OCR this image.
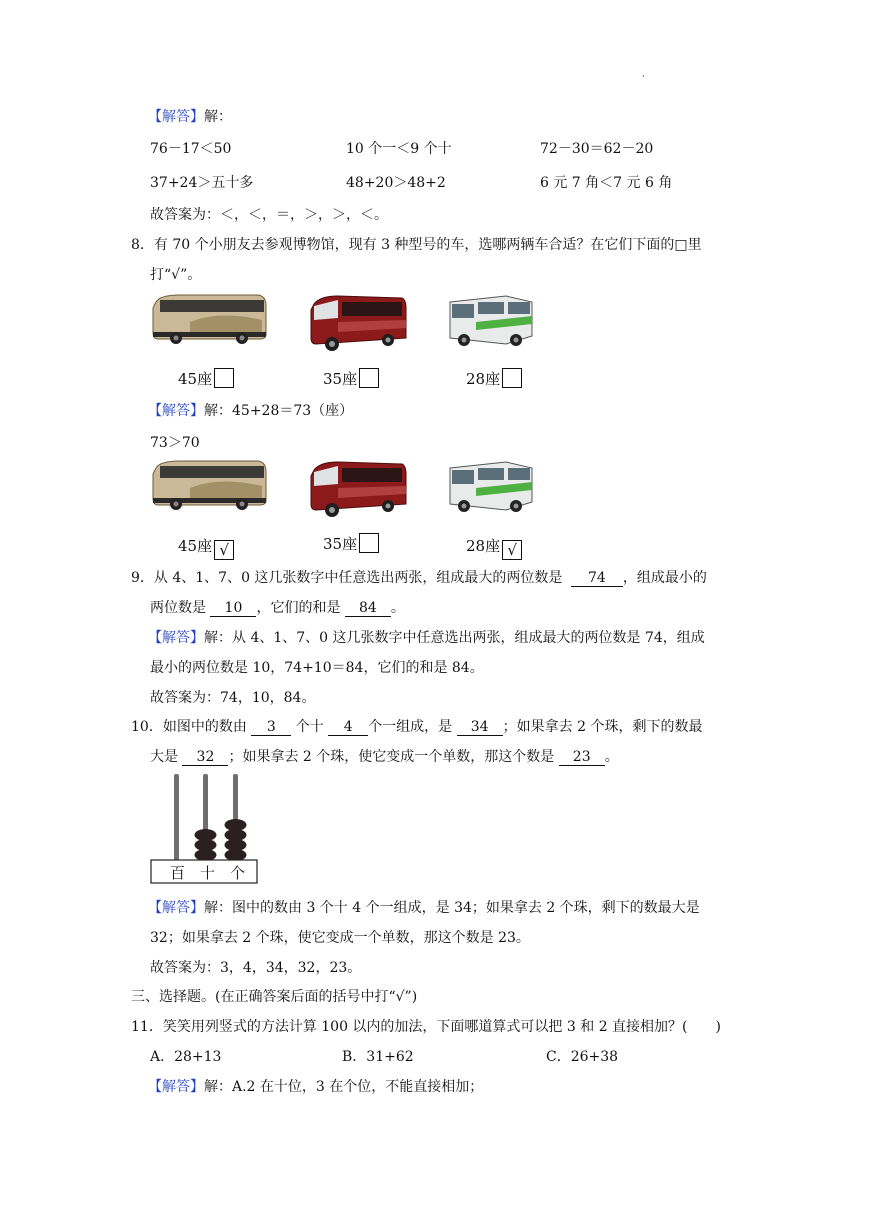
·
【解答】解：
76－17＜50	10 个一＜9 个十	72－30＝62－20
37+24＞五十多	48+20＞48+2	6 元 7 角＜7 元 6 角
故答案为：＜，＜，＝，＞，＞，＜。
8．有 70 个小朋友去参观博物馆，现有 3 种型号的车，选哪两辆车合适？在它们下面的□里
打“√”。
45座	35座	28座
【解答】解：45+28＝73（座）
73＞70
45座 √	35座	28座 √
9．从 4、1、7、0 这几张数字中任意选出两张，组成最大的两位数是 74 ，组成最小的
两位数是 10 ，它们的和是 84 。
【解答】解：从 4、1、7、0 这几张数字中任意选出两张，组成最大的两位数是 74，组成
最小的两位数是 10，74+10＝84，它们的和是 84。
故答案为：74，10，84。
10．如图中的数由 3 个十 4 个一组成，是 34 ；如果拿去 2 个珠，剩下的数最
大是 32 ；如果拿去 2 个珠，使它变成一个单数，那这个数是 23 。
百　十　个
【解答】解：图中的数由 3 个十 4 个一组成，是 34；如果拿去 2 个珠，剩下的数最大是
32；如果拿去 2 个珠，使它变成一个单数，那这个数是 23。
故答案为：3，4，34，32，23。
三、选择题。(在正确答案后面的括号中打“√”)
11．笑笑用列竖式的方法计算 100 以内的加法，下面哪道算式可以把 3 和 2 直接相加？(　　)
A．28+13	B．31+62	C．26+38
【解答】解：A.2 在十位，3 在个位，不能直接相加；
